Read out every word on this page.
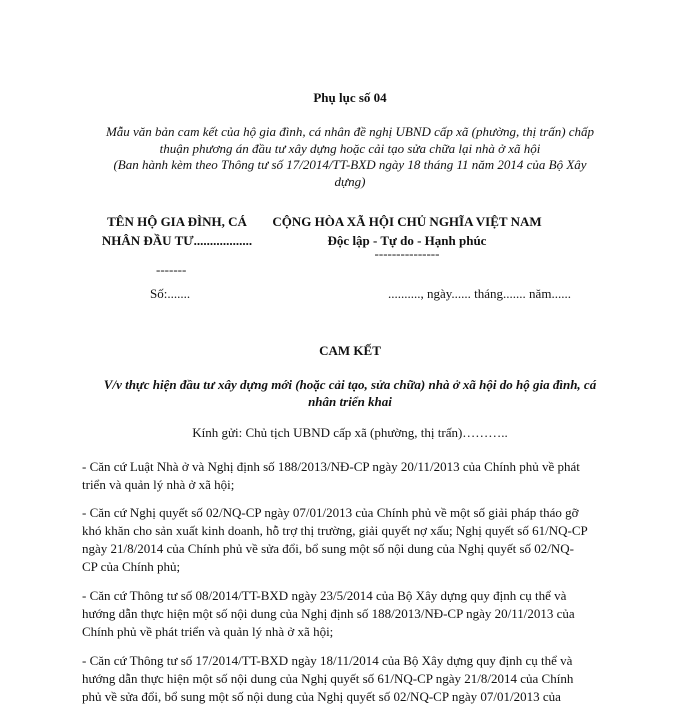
Phụ lục số 04
Mẫu văn bản cam kết của hộ gia đình, cá nhân đề nghị UBND cấp xã (phường, thị trấn) chấp
thuận phương án đầu tư xây dựng hoặc cải tạo sửa chữa lại nhà ở xã hội
(Ban hành kèm theo Thông tư số 17/2014/TT-BXD ngày 18 tháng 11 năm 2014 của Bộ Xây
dựng)
TÊN HỘ GIA ĐÌNH, CÁ
NHÂN ĐẦU TƯ..................
-------
Số:.......
CỘNG HÒA XÃ HỘI CHỦ NGHĨA VIỆT NAM
Độc lập - Tự do - Hạnh phúc
---------------
.........., ngày...... tháng....... năm......
CAM KẾT
V/v thực hiện đầu tư xây dựng mới (hoặc cải tạo, sửa chữa) nhà ở xã hội do hộ gia đình, cá
nhân triển khai
Kính gửi: Chủ tịch UBND cấp xã (phường, thị trấn)………..
- Căn cứ Luật Nhà ở và Nghị định số 188/2013/NĐ-CP ngày 20/11/2013 của Chính phủ về phát
triển và quản lý nhà ở xã hội;
- Căn cứ Nghị quyết số 02/NQ-CP ngày 07/01/2013 của Chính phủ về một số giải pháp tháo gỡ
khó khăn cho sản xuất kinh doanh, hỗ trợ thị trường, giải quyết nợ xấu; Nghị quyết số 61/NQ-CP
ngày 21/8/2014 của Chính phủ về sửa đổi, bổ sung một số nội dung của Nghị quyết số 02/NQ-
CP của Chính phủ;
- Căn cứ Thông tư số 08/2014/TT-BXD ngày 23/5/2014 của Bộ Xây dựng quy định cụ thể và
hướng dẫn thực hiện một số nội dung của Nghị định số 188/2013/NĐ-CP ngày 20/11/2013 của
Chính phủ về phát triển và quản lý nhà ở xã hội;
- Căn cứ Thông tư số 17/2014/TT-BXD ngày 18/11/2014 của Bộ Xây dựng quy định cụ thể và
hướng dẫn thực hiện một số nội dung của Nghị quyết số 61/NQ-CP ngày 21/8/2014 của Chính
phủ về sửa đổi, bổ sung một số nội dung của Nghị quyết số 02/NQ-CP ngày 07/01/2013 của
